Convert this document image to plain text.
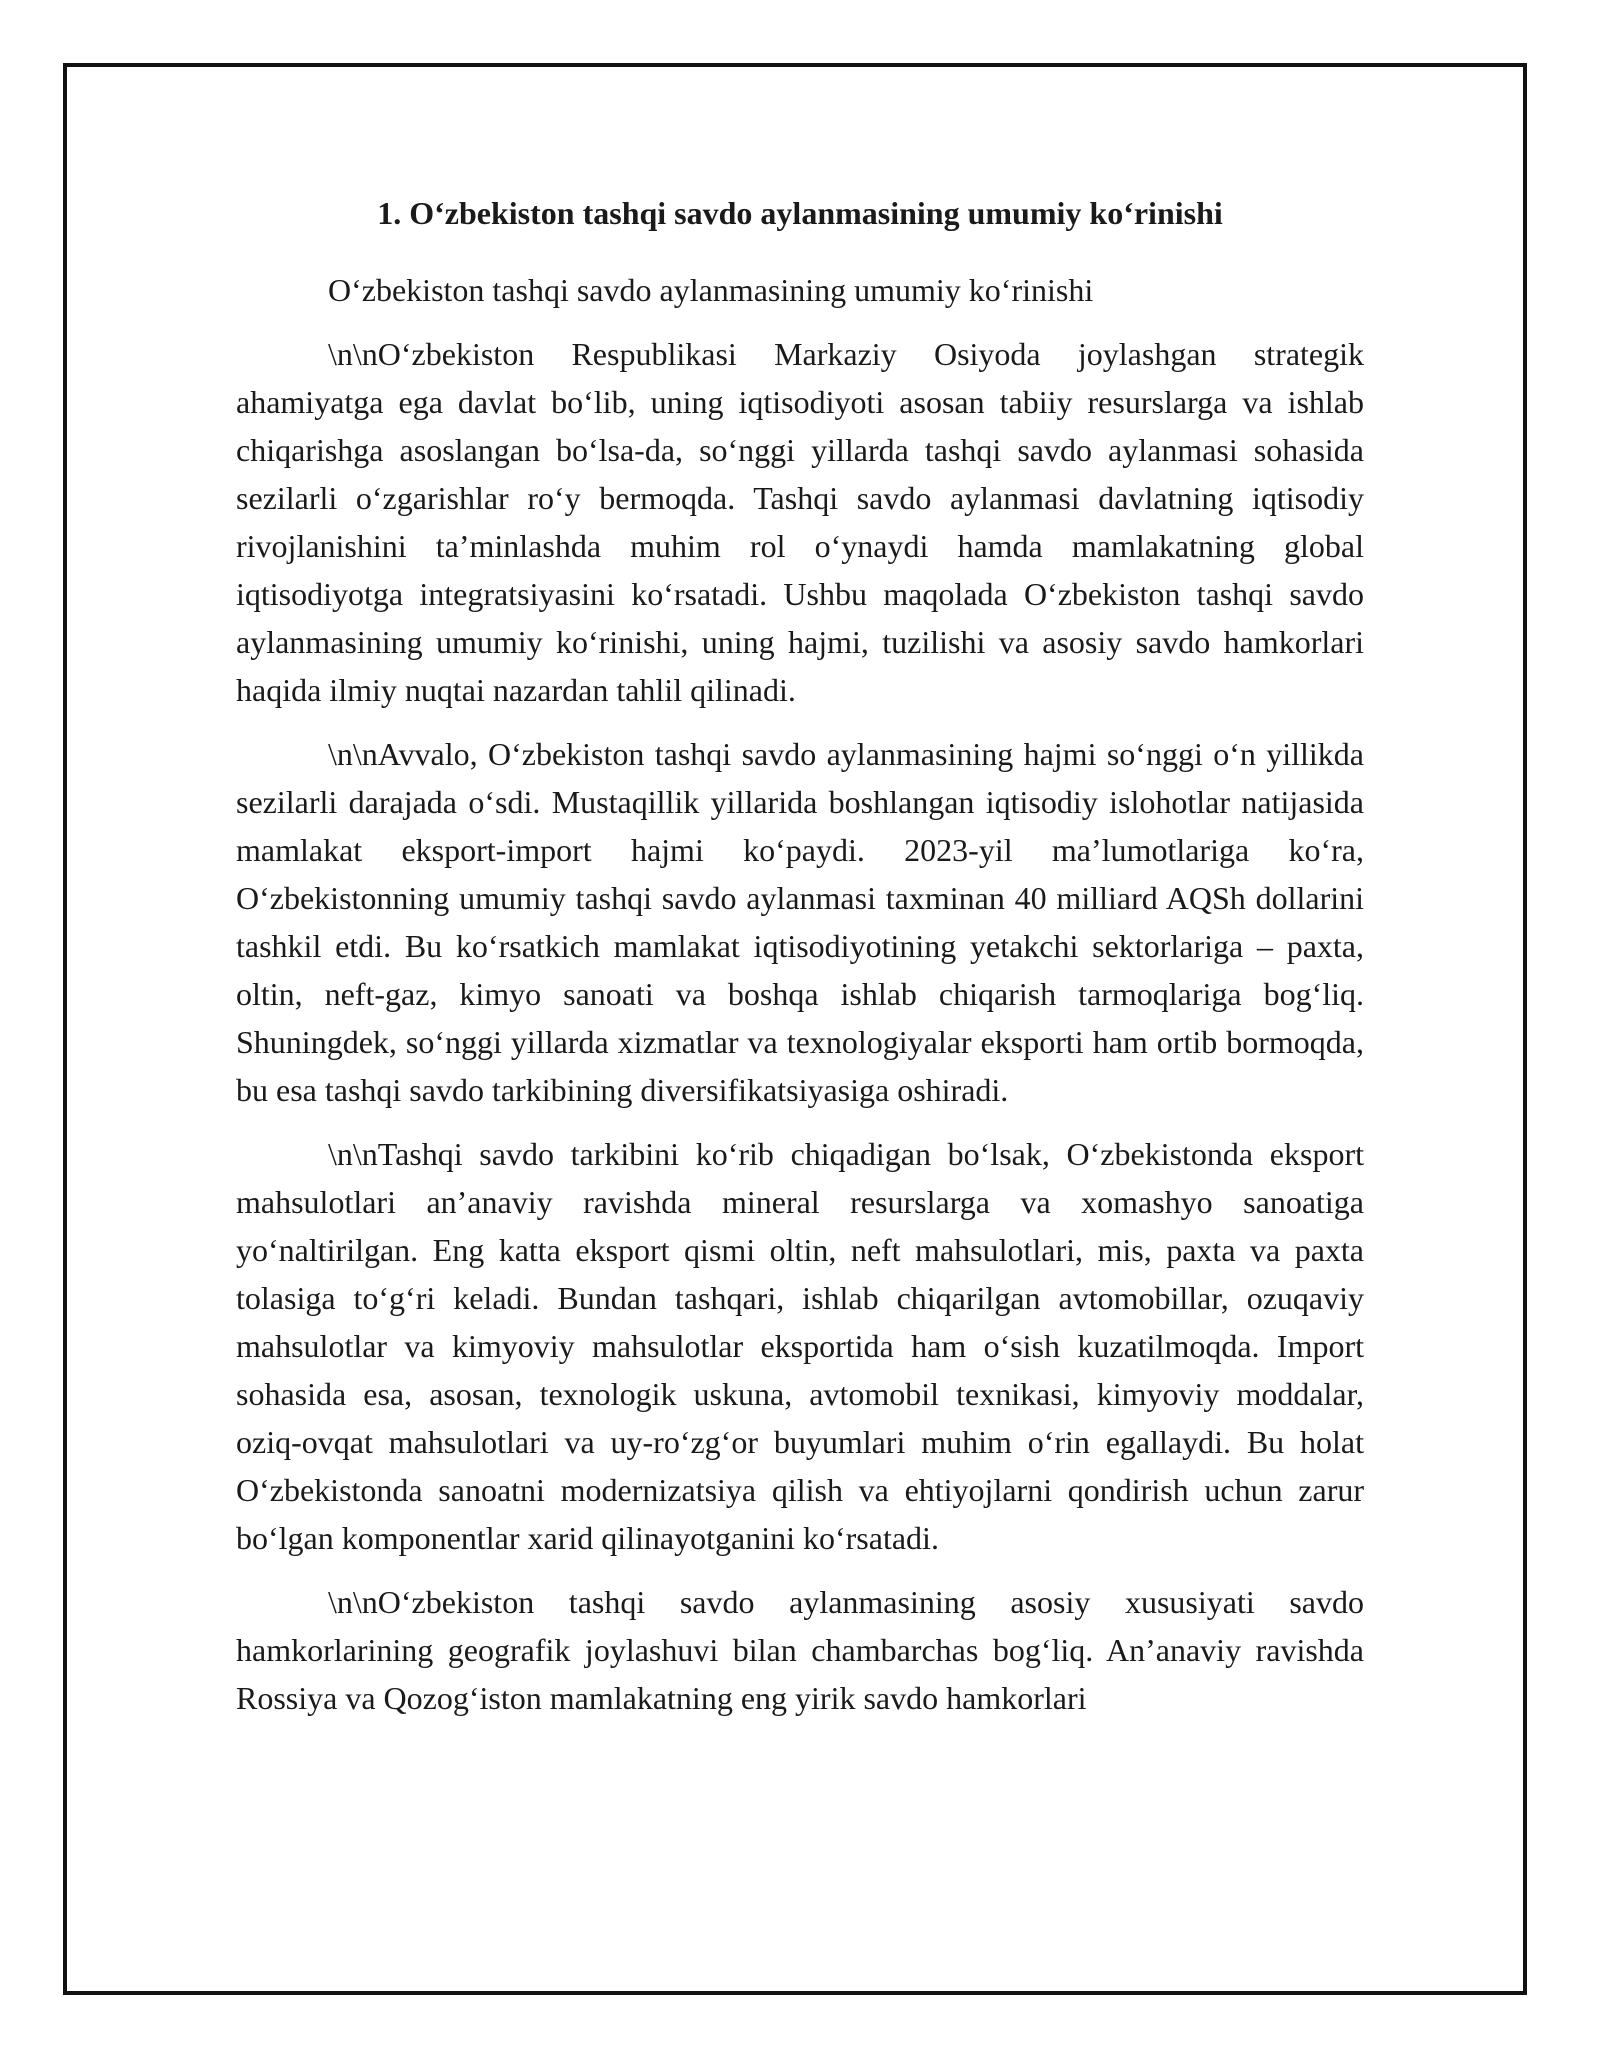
1. O‘zbekiston tashqi savdo aylanmasining umumiy ko‘rinishi

O‘zbekiston tashqi savdo aylanmasining umumiy ko‘rinishi

\n\nO‘zbekiston Respublikasi Markaziy Osiyoda joylashgan strategik ahamiyatga ega davlat bo‘lib, uning iqtisodiyoti asosan tabiiy resurslarga va ishlab chiqarishga asoslangan bo‘lsa-da, so‘nggi yillarda tashqi savdo aylanmasi sohasida sezilarli o‘zgarishlar ro‘y bermoqda. Tashqi savdo aylanmasi davlatning iqtisodiy rivojlanishini ta’minlashda muhim rol o‘ynaydi hamda mamlakatning global iqtisodiyotga integratsiyasini ko‘rsatadi. Ushbu maqolada O‘zbekiston tashqi savdo aylanmasining umumiy ko‘rinishi, uning hajmi, tuzilishi va asosiy savdo hamkorlari haqida ilmiy nuqtai nazardan tahlil qilinadi.

\n\nAvvalo, O‘zbekiston tashqi savdo aylanmasining hajmi so‘nggi o‘n yillikda sezilarli darajada o‘sdi. Mustaqillik yillarida boshlangan iqtisodiy islohotlar natijasida mamlakat eksport-import hajmi ko‘paydi. 2023-yil ma’lumotlariga ko‘ra, O‘zbekistonning umumiy tashqi savdo aylanmasi taxminan 40 milliard AQSh dollarini tashkil etdi. Bu ko‘rsatkich mamlakat iqtisodiyotining yetakchi sektorlariga – paxta, oltin, neft-gaz, kimyo sanoati va boshqa ishlab chiqarish tarmoqlariga bog‘liq. Shuningdek, so‘nggi yillarda xizmatlar va texnologiyalar eksporti ham ortib bormoqda, bu esa tashqi savdo tarkibining diversifikatsiyasiga oshiradi.

\n\nTashqi savdo tarkibini ko‘rib chiqadigan bo‘lsak, O‘zbekistonda eksport mahsulotlari an’anaviy ravishda mineral resurslarga va xomashyo sanoatiga yo‘naltirilgan. Eng katta eksport qismi oltin, neft mahsulotlari, mis, paxta va paxta tolasiga to‘g‘ri keladi. Bundan tashqari, ishlab chiqarilgan avtomobillar, ozuqaviy mahsulotlar va kimyoviy mahsulotlar eksportida ham o‘sish kuzatilmoqda. Import sohasida esa, asosan, texnologik uskuna, avtomobil texnikasi, kimyoviy moddalar, oziq-ovqat mahsulotlari va uy-ro‘zg‘or buyumlari muhim o‘rin egallaydi. Bu holat O‘zbekistonda sanoatni modernizatsiya qilish va ehtiyojlarni qondirish uchun zarur bo‘lgan komponentlar xarid qilinayotganini ko‘rsatadi.

\n\nO‘zbekiston tashqi savdo aylanmasining asosiy xususiyati savdo hamkorlarining geografik joylashuvi bilan chambarchas bog‘liq. An’anaviy ravishda Rossiya va Qozog‘iston mamlakatning eng yirik savdo hamkorlari
